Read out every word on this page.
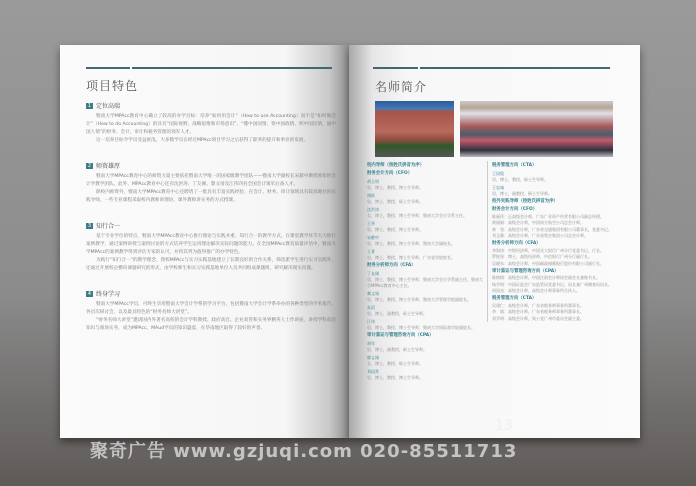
项目特色
1 定位高端

暨南大学MPAcc教育中心确立了较高的办学目标：培养“如何用会计”（How to use Accounting）而不是“如何做会计”（How to do Accounting）的具有“国际视野、战略思维和市场意识”、“懂中国国情、察中国政情、明中国民情、通中国人情”的财务、会计、审计和税务管理的领军人才。

这一培养目标令学员受益匪浅，大多数学员在经过MPAcc项目学习之后获得了职务的提升和事业的发展。

2 师资雄厚

暨南大学MPAcc教育中心的师资力量主要依托暨南大学唯一的国家级教学团队——暨南大学副校长宋献中教授领衔的会计学教学团队。此外，MPAcc教育中心还有沈洪涛、丁友刚、黎文靖及江伟四名全国会计领军后备人才。

除校内师资外，暨南大学MPAcc教育中心还聘请了一批具有丰富实践经验、在会计、财务、审计领域具有较高地位的实践导师，一些专业课程采取校内教师讲理论、课外教师讲实务的方式授课。

3 知行合一

基于专业学位的特点，暨南大学MPAcc教育中心推行理论与实践并重、知行合一的教学方式。在课堂教学环节大力推行案例教学，通过案例讲授与案例讨论的方式培养学生运用理论解决实际问题的能力。在全国MPAcc教育质量评估中，暨南大学MPAcc的案例教学得到评估专家的认可，并将其列为值得推广的办学特色。

为践行“知行合一”的教学理念，我校MPAcc与实习实践基地建立了长期良好的合作关系，筛选派学生进行实习实践外，还通过开展校企横向课题研究的形式，由学校师生和实习实践基地单位人员共同组成课题组，研究解决现实问题。

4 终身学习

暨南大学MPAcc学员，可终生享用暨南大学会计学系的学习平台，包括暨南大学会计学系举办的各种类型的学术报告、各层次研讨会，以及最具特色的“财务名师大讲堂”。

“财务名师大讲堂”邀请国内外著名高校的会计学科教授、政府高官、企业高管和实务界精英人士作讲座，讲授学科前沿知识与商场实务，成为MPAcc、MAud学员的知识盛宴，在华南地区取得了较好的声誉。

名师简介
校内导师（按姓氏拼音为序）
财务会计方向（CFO）
胡玉明
男，博士，教授，博士生导师。
谭跃
男，博士，教授，硕士生导师。
沈洪涛
女，博士，教授，博士生导师，暨南大学会计学系主任。
王华
男，博士，教授，博士生导师。
宋献中
男，博士，教授，博士生导师，暨南大学副校长。
王菁
男，博士，教授，博士生导师，广东省学院院长。
财务分析师方向（CFA）
丁友刚
男，博士，教授，博士生导师，暨南大学会计学系副主任，暨南大学MPAcc教育中心主任。
黎文靖
男，博士，教授，博士生导师，暨南大学管理学院副院长。
朱滔
男，博士，副教授，硕士生导师。
江伟
男，博士，教授，博士生导师，暨南大学国际商学院副院长。
审计鉴证与管理咨询方向（CPA）
胡军
男，博士，副教授，硕士生导师。
廖义刚
女，博士，教授，硕士生导师。
刘国常
男，博士，教授，博士生导师。
税务管理方向（CTA）
王国俊
男，博士，教授，硕士生导师。
王忠诚
男，博士，副教授，硕士生导师。
校外实践导师（按姓氏拼音为序）
财务会计方向（CFO）
陈丽萍：正高级会计师，广东广业资产经营有限公司副总经理。
黄丽娟：高级会计师，中国南方航空公司总会计师。
林　坚：高级会计师，广东省交通集团有限公司董事长，党委书记。
刘文静：高级会计师，广东省粤企集团公司总会计师。
财务分析师方向（CFA）
李海涛：中级经济师，中国光大银行广州分行党委书记、行长。
罗锐坚：博士，高级经济师，中信银行广州分行副行长。
吴晓东：高级会计师，中国邮政储蓄银行股份有限公司副行长。
审计鉴证与管理咨询方向（CPA）
陈锦棋：高级会计师，中国注册会计师协会副会长兼秘书长。
杨学明：中国证监会广东监管局党委书记，局长兼广州稽查局局长。
周国良：高级会计师，高级会计师事务所合伙人。
税务管理方向（CTA）
吴建仁：高级会计师，广东省税务师事务所董事长。
李　斌：高级会计师，广东省税务师事务所董事长。
刘学明：高级会计师，致公党广州市委员会副主委。
聚奇广告 www.gzjuqi.com 020-85511713
13
